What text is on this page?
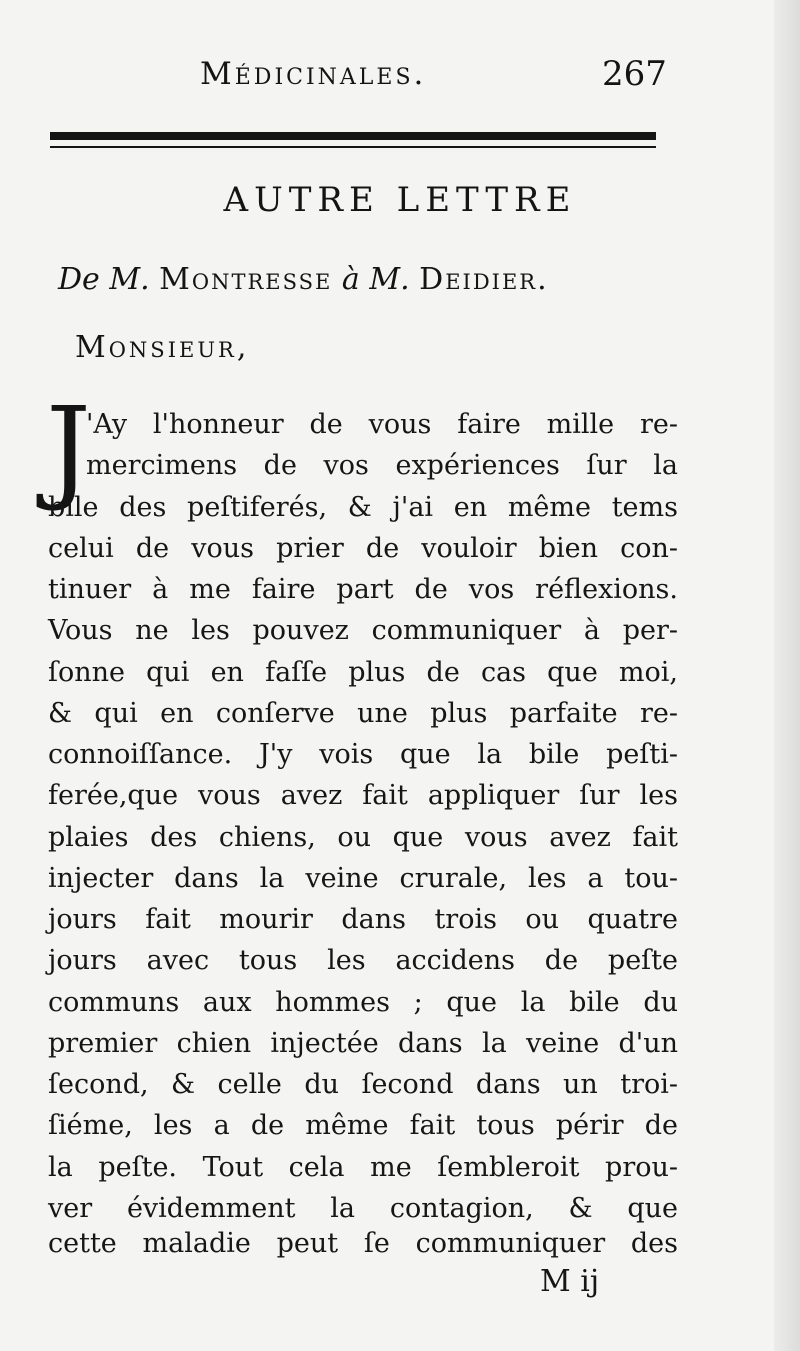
Médicinales.	267
AUTRE LETTRE
De M. Montresse à M. Deidier.
Monsieur,
J
'Ay l'honneur de vous faire mille re-
mercimens de vos expériences ſur la
bile des peſtiferés, & j'ai en même tems
celui de vous prier de vouloir bien con-
tinuer à me faire part de vos réflexions.
Vous ne les pouvez communiquer à per-
ſonne qui en faſſe plus de cas que moi,
& qui en conſerve une plus parfaite re-
connoiſſance. J'y vois que la bile peſti-
ferée,que vous avez fait appliquer ſur les
plaies des chiens, ou que vous avez fait
injecter dans la veine crurale, les a tou-
jours fait mourir dans trois ou quatre
jours avec tous les accidens de peſte
communs aux hommes ; que la bile du
premier chien injectée dans la veine d'un
ſecond, & celle du ſecond dans un troi-
ſiéme, les a de même fait tous périr de
la peſte. Tout cela me ſembleroit prou-
ver évidemment la contagion, & que
cette maladie peut ſe communiquer des
M ij
